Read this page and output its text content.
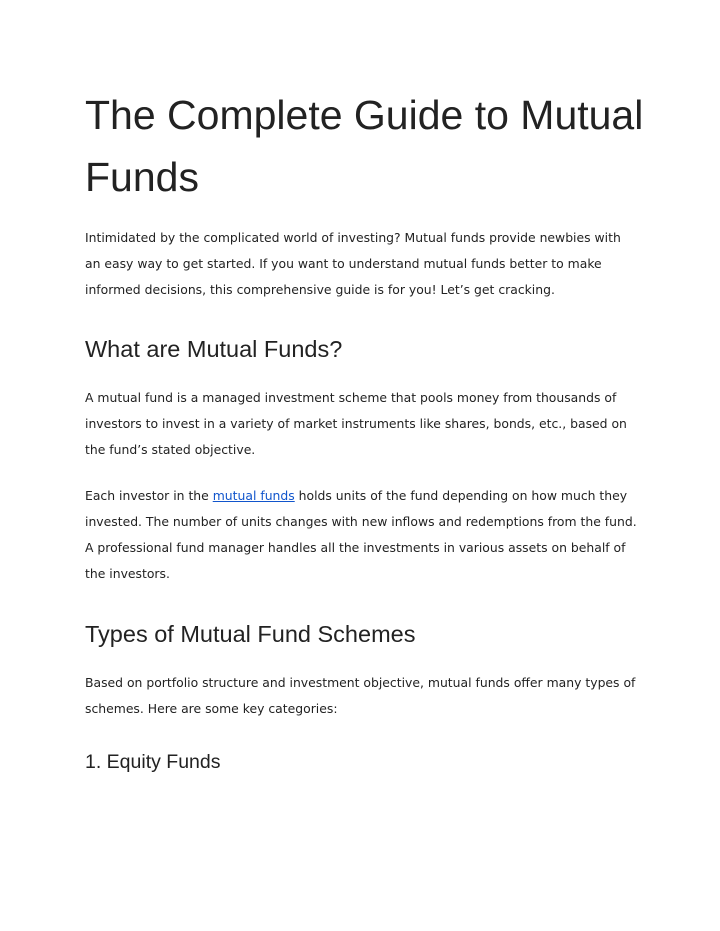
The Complete Guide to Mutual Funds

Intimidated by the complicated world of investing? Mutual funds provide newbies with an easy way to get started. If you want to understand mutual funds better to make informed decisions, this comprehensive guide is for you! Let’s get cracking.

What are Mutual Funds?

A mutual fund is a managed investment scheme that pools money from thousands of investors to invest in a variety of market instruments like shares, bonds, etc., based on the fund’s stated objective.

Each investor in the mutual funds holds units of the fund depending on how much they invested. The number of units changes with new inflows and redemptions from the fund. A professional fund manager handles all the investments in various assets on behalf of the investors.

Types of Mutual Fund Schemes

Based on portfolio structure and investment objective, mutual funds offer many types of schemes. Here are some key categories:

1. Equity Funds
